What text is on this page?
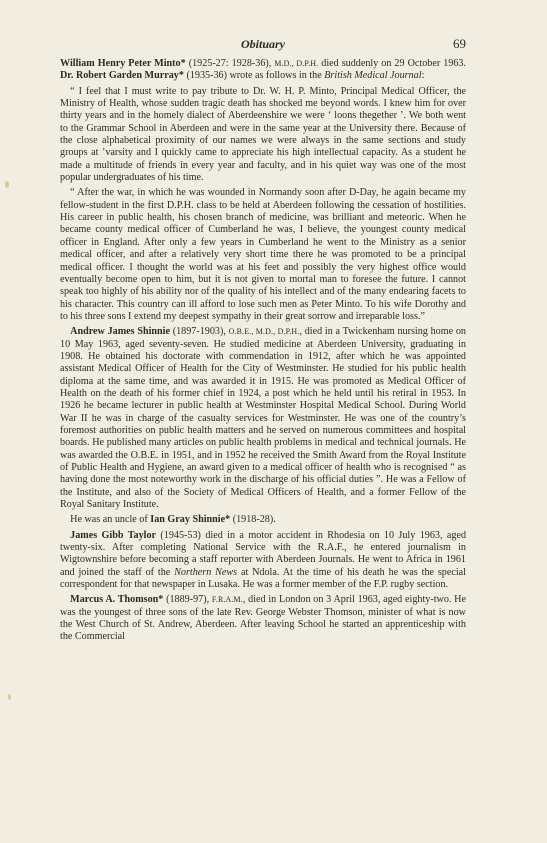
Obituary	69

William Henry Peter Minto* (1925-27: 1928-36), M.D., D.P.H. died suddenly on 29 October 1963. Dr. Robert Garden Murray* (1935-36) wrote as follows in the British Medical Journal:

“ I feel that I must write to pay tribute to Dr. W. H. P. Minto, Principal Medical Officer, the Ministry of Health, whose sudden tragic death has shocked me beyond words. I knew him for over thirty years and in the homely dialect of Aberdeenshire we were ‘ loons thegether ’. We both went to the Grammar School in Aberdeen and were in the same year at the University there. Because of the close alphabetical proximity of our names we were always in the same sections and study groups at ’varsity and I quickly came to appreciate his high intellectual capacity. As a student he made a multitude of friends in every year and faculty, and in his quiet way was one of the most popular undergraduates of his time.

“ After the war, in which he was wounded in Normandy soon after D-Day, he again became my fellow-student in the first D.P.H. class to be held at Aberdeen following the cessation of hostilities. His career in public health, his chosen branch of medicine, was brilliant and meteoric. When he became county medical officer of Cumberland he was, I believe, the youngest county medical officer in England. After only a few years in Cumberland he went to the Ministry as a senior medical officer, and after a relatively very short time there he was promoted to be a principal medical officer. I thought the world was at his feet and possibly the very highest office would eventually become open to him, but it is not given to mortal man to foresee the future. I cannot speak too highly of his ability nor of the quality of his intellect and of the many endearing facets to his character. This country can ill afford to lose such men as Peter Minto. To his wife Dorothy and to his three sons I extend my deepest sympathy in their great sorrow and irreparable loss.”

Andrew James Shinnie (1897-1903), O.B.E., M.D., D.P.H., died in a Twickenham nursing home on 10 May 1963, aged seventy-seven. He studied medicine at Aberdeen University, graduating in 1908. He obtained his doctorate with commendation in 1912, after which he was appointed assistant Medical Officer of Health for the City of Westminster. He studied for his public health diploma at the same time, and was awarded it in 1915. He was promoted as Medical Officer of Health on the death of his former chief in 1924, a post which he held until his retiral in 1953. In 1926 he became lecturer in public health at Westminster Hospital Medical School. During World War II he was in charge of the casualty services for Westminster. He was one of the country’s foremost authorities on public health matters and he served on numerous committees and hospital boards. He published many articles on public health problems in medical and technical journals. He was awarded the O.B.E. in 1951, and in 1952 he received the Smith Award from the Royal Institute of Public Health and Hygiene, an award given to a medical officer of health who is recognised “ as having done the most noteworthy work in the discharge of his official duties ”. He was a Fellow of the Institute, and also of the Society of Medical Officers of Health, and a former Fellow of the Royal Sanitary Institute.

He was an uncle of Ian Gray Shinnie* (1918-28).

James Gibb Taylor (1945-53) died in a motor accident in Rhodesia on 10 July 1963, aged twenty-six. After completing National Service with the R.A.F., he entered journalism in Wigtownshire before becoming a staff reporter with Aberdeen Journals. He went to Africa in 1961 and joined the staff of the Northern News at Ndola. At the time of his death he was the special correspondent for that newspaper in Lusaka. He was a former member of the F.P. rugby section.

Marcus A. Thomson* (1889-97), F.R.A.M., died in London on 3 April 1963, aged eighty-two. He was the youngest of three sons of the late Rev. George Webster Thomson, minister of what is now the West Church of St. Andrew, Aberdeen. After leaving School he started an apprenticeship with the Commercial
